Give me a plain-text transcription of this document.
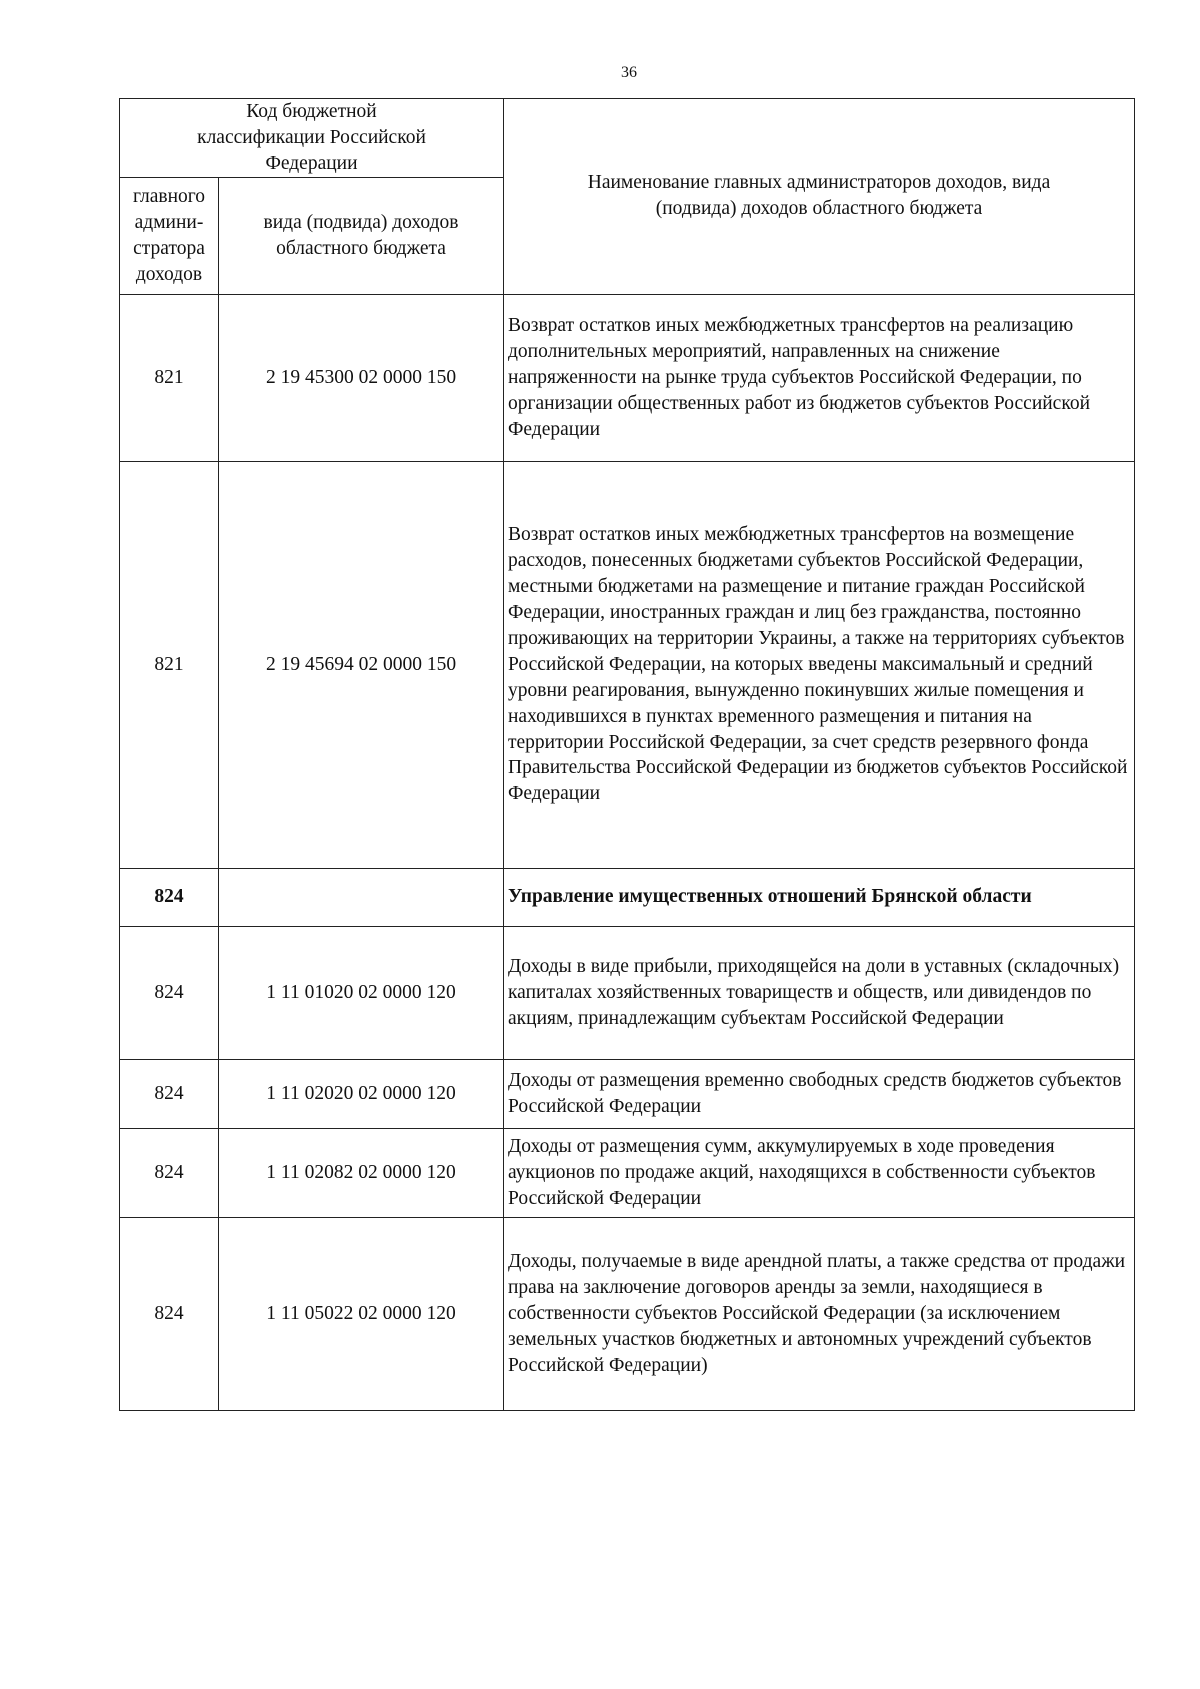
36
Код бюджетной классификации Российской Федерации		Наименование главных администраторов доходов, вида (подвида) доходов областного бюджета
главного админи-стратора доходов	вида (подвида) доходов областного бюджета	
821	2 19 45300 02 0000 150	Возврат остатков иных межбюджетных трансфертов на реализацию дополнительных мероприятий, направленных на снижение напряженности на рынке труда субъектов Российской Федерации, по организации общественных работ из бюджетов субъектов Российской Федерации
821	2 19 45694 02 0000 150	Возврат остатков иных межбюджетных трансфертов на возмещение расходов, понесенных бюджетами субъектов Российской Федерации, местными бюджетами на размещение и питание граждан Российской Федерации, иностранных граждан и лиц без гражданства, постоянно проживающих на территории Украины, а также на территориях субъектов Российской Федерации, на которых введены максимальный и средний уровни реагирования, вынужденно покинувших жилые помещения и находившихся в пунктах временного размещения и питания на территории Российской Федерации, за счет средств резервного фонда Правительства Российской Федерации из бюджетов субъектов Российской Федерации
824		Управление имущественных отношений Брянской области
824	1 11 01020 02 0000 120	Доходы в виде прибыли, приходящейся на доли в уставных (складочных) капиталах хозяйственных товариществ и обществ, или дивидендов по акциям, принадлежащим субъектам Российской Федерации
824	1 11 02020 02 0000 120	Доходы от размещения временно свободных средств бюджетов субъектов Российской Федерации
824	1 11 02082 02 0000 120	Доходы от размещения сумм, аккумулируемых в ходе проведения аукционов по продаже акций, находящихся в собственности субъектов Российской Федерации
824	1 11 05022 02 0000 120	Доходы, получаемые в виде арендной платы, а также средства от продажи права на заключение договоров аренды за земли, находящиеся в собственности субъектов Российской Федерации (за исключением земельных участков бюджетных и автономных учреждений субъектов Российской Федерации)
